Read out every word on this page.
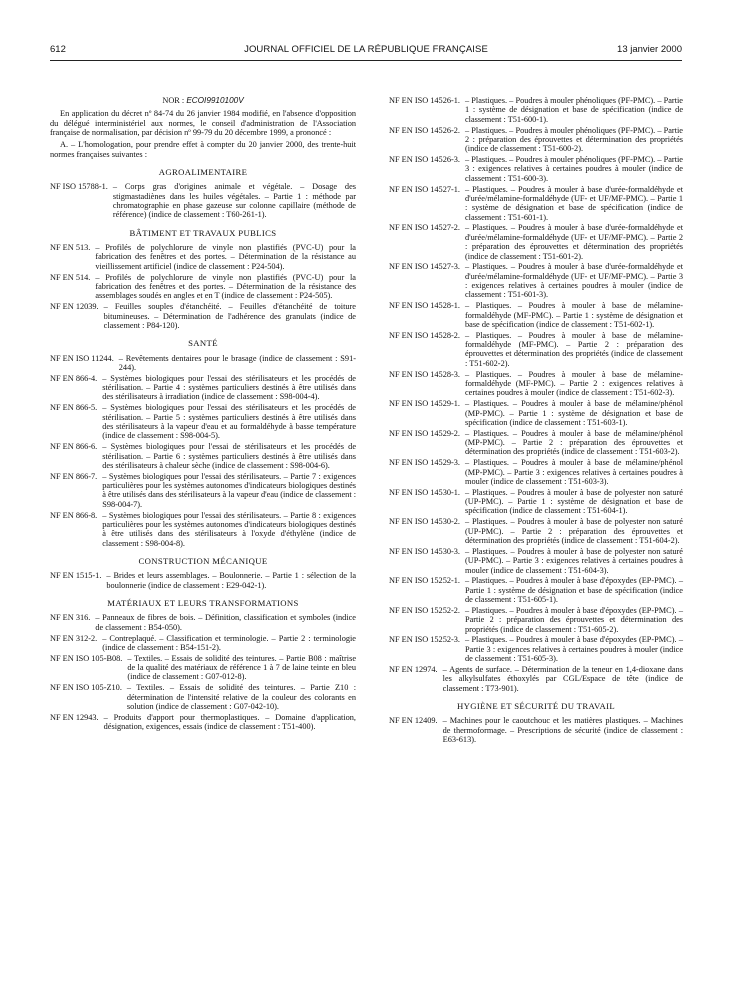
JOURNAL OFFICIEL DE LA RÉPUBLIQUE FRANÇAISE
612	13 janvier 2000
NOR : ECOI9910100V

En application du décret nº 84-74 du 26 janvier 1984 modifié, en l'absence d'opposition du délégué interministériel aux normes, le conseil d'administration de l'Association française de normalisation, par décision nº 99-79 du 20 décembre 1999, a prononcé :

A. – L'homologation, pour prendre effet à compter du 20 janvier 2000, des trente-huit normes françaises suivantes :

AGROALIMENTAIRE
NF ISO 15788-1. – Corps gras d'origines animale et végétale. – Dosage des stigmastadiènes dans les huiles végétales. – Partie 1 : méthode par chromatographie en phase gazeuse sur colonne capillaire (méthode de référence) (indice de classement : T60-261-1).
BÂTIMENT ET TRAVAUX PUBLICS
NF EN 513. – Profilés de polychlorure de vinyle non plastifiés (PVC-U) pour la fabrication des fenêtres et des portes. – Détermination de la résistance au vieillissement artificiel (indice de classement : P24-504).
NF EN 514. – Profilés de polychlorure de vinyle non plastifiés (PVC-U) pour la fabrication des fenêtres et des portes. – Détermination de la résistance des assemblages soudés en angles et en T (indice de classement : P24-505).
NF EN 12039. – Feuilles souples d'étanchéité. – Feuilles d'étanchéité de toiture bitumineuses. – Détermination de l'adhérence des granulats (indice de classement : P84-120).
SANTÉ
NF EN ISO 11244. – Revêtements dentaires pour le brasage (indice de classement : S91-244).
NF EN 866-4. – Systèmes biologiques pour l'essai des stérilisateurs et les procédés de stérilisation. – Partie 4 : systèmes particuliers destinés à être utilisés dans des stérilisateurs à irradiation (indice de classement : S98-004-4).
NF EN 866-5. – Systèmes biologiques pour l'essai des stérilisateurs et les procédés de stérilisation. – Partie 5 : systèmes particuliers destinés à être utilisés dans des stérilisateurs à la vapeur d'eau et au formaldéhyde à basse température (indice de classement : S98-004-5).
NF EN 866-6. – Systèmes biologiques pour l'essai de stérilisateurs et les procédés de stérilisation. – Partie 6 : systèmes particuliers destinés à être utilisés dans des stérilisateurs à chaleur sèche (indice de classement : S98-004-6).
NF EN 866-7. – Systèmes biologiques pour l'essai des stérilisateurs. – Partie 7 : exigences particulières pour les systèmes autonomes d'indicateurs biologiques destinés à être utilisés dans des stérilisateurs à la vapeur d'eau (indice de classement : S98-004-7).
NF EN 866-8. – Systèmes biologiques pour l'essai des stérilisateurs. – Partie 8 : exigences particulières pour les systèmes autonomes d'indicateurs biologiques destinés à être utilisés dans des stérilisateurs à l'oxyde d'éthylène (indice de classement : S98-004-8).
CONSTRUCTION MÉCANIQUE
NF EN 1515-1. – Brides et leurs assemblages. – Boulonnerie. – Partie 1 : sélection de la boulonnerie (indice de classement : E29-042-1).
MATÉRIAUX ET LEURS TRANSFORMATIONS
NF EN 316. – Panneaux de fibres de bois. – Définition, classification et symboles (indice de classement : B54-050).
NF EN 312-2. – Contreplaqué. – Classification et terminologie. – Partie 2 : terminologie (indice de classement : B54-151-2).
NF EN ISO 105-B08. – Textiles. – Essais de solidité des teintures. – Partie B08 : maîtrise de la qualité des matériaux de référence 1 à 7 de laine teinte en bleu (indice de classement : G07-012-8).
NF EN ISO 105-Z10. – Textiles. – Essais de solidité des teintures. – Partie Z10 : détermination de l'intensité relative de la couleur des colorants en solution (indice de classement : G07-042-10).
NF EN 12943. – Produits d'apport pour thermoplastiques. – Domaine d'application, désignation, exigences, essais (indice de classement : T51-400).
NF EN ISO 14526-1. – Plastiques. – Poudres à mouler phénoliques (PF-PMC). – Partie 1 : système de désignation et base de spécification (indice de classement : T51-600-1).
NF EN ISO 14526-2. – Plastiques. – Poudres à mouler phénoliques (PF-PMC). – Partie 2 : préparation des éprouvettes et détermination des propriétés (indice de classement : T51-600-2).
NF EN ISO 14526-3. – Plastiques. – Poudres à mouler phénoliques (PF-PMC). – Partie 3 : exigences relatives à certaines poudres à mouler (indice de classement : T51-600-3).
NF EN ISO 14527-1. – Plastiques. – Poudres à mouler à base d'urée-formaldéhyde et d'urée/mélamine-formaldéhyde (UF- et UF/MF-PMC). – Partie 1 : système de désignation et base de spécification (indice de classement : T51-601-1).
NF EN ISO 14527-2. – Plastiques. – Poudres à mouler à base d'urée-formaldéhyde et d'urée/mélamine-formaldéhyde (UF- et UF/MF-PMC). – Partie 2 : préparation des éprouvettes et détermination des propriétés (indice de classement : T51-601-2).
NF EN ISO 14527-3. – Plastiques. – Poudres à mouler à base d'urée-formaldéhyde et d'urée/mélamine-formaldéhyde (UF- et UF/MF-PMC). – Partie 3 : exigences relatives à certaines poudres à mouler (indice de classement : T51-601-3).
NF EN ISO 14528-1. – Plastiques. – Poudres à mouler à base de mélamine-formaldéhyde (MF-PMC). – Partie 1 : système de désignation et base de spécification (indice de classement : T51-602-1).
NF EN ISO 14528-2. – Plastiques. – Poudres à mouler à base de mélamine-formaldéhyde (MF-PMC). – Partie 2 : préparation des éprouvettes et détermination des propriétés (indice de classement : T51-602-2).
NF EN ISO 14528-3. – Plastiques. – Poudres à mouler à base de mélamine-formaldéhyde (MF-PMC). – Partie 2 : exigences relatives à certaines poudres à mouler (indice de classement : T51-602-3).
NF EN ISO 14529-1. – Plastiques. – Poudres à mouler à base de mélamine/phénol (MP-PMC). – Partie 1 : système de désignation et base de spécification (indice de classement : T51-603-1).
NF EN ISO 14529-2. – Plastiques. – Poudres à mouler à base de mélamine/phénol (MP-PMC). – Partie 2 : préparation des éprouvettes et détermination des propriétés (indice de classement : T51-603-2).
NF EN ISO 14529-3. – Plastiques. – Poudres à mouler à base de mélamine/phénol (MP-PMC). – Partie 3 : exigences relatives à certaines poudres à mouler (indice de classement : T51-603-3).
NF EN ISO 14530-1. – Plastiques. – Poudres à mouler à base de polyester non saturé (UP-PMC). – Partie 1 : système de désignation et base de spécification (indice de classement : T51-604-1).
NF EN ISO 14530-2. – Plastiques. – Poudres à mouler à base de polyester non saturé (UP-PMC). – Partie 2 : préparation des éprouvettes et détermination des propriétés (indice de classement : T51-604-2).
NF EN ISO 14530-3. – Plastiques. – Poudres à mouler à base de polyester non saturé (UP-PMC). – Partie 3 : exigences relatives à certaines poudres à mouler (indice de classement : T51-604-3).
NF EN ISO 15252-1. – Plastiques. – Poudres à mouler à base d'époxydes (EP-PMC). – Partie 1 : système de désignation et base de spécification (indice de classement : T51-605-1).
NF EN ISO 15252-2. – Plastiques. – Poudres à mouler à base d'époxydes (EP-PMC). – Partie 2 : préparation des éprouvettes et détermination des propriétés (indice de classement : T51-605-2).
NF EN ISO 15252-3. – Plastiques. – Poudres à mouler à base d'époxydes (EP-PMC). – Partie 3 : exigences relatives à certaines poudres à mouler (indice de classement : T51-605-3).
NF EN 12974. – Agents de surface. – Détermination de la teneur en 1,4-dioxane dans les alkylsulfates éthoxylés par CGL/Espace de tête (indice de classement : T73-901).
HYGIÈNE ET SÉCURITÉ DU TRAVAIL
NF EN 12409. – Machines pour le caoutchouc et les matières plastiques. – Machines de thermoformage. – Prescriptions de sécurité (indice de classement : E63-613).
